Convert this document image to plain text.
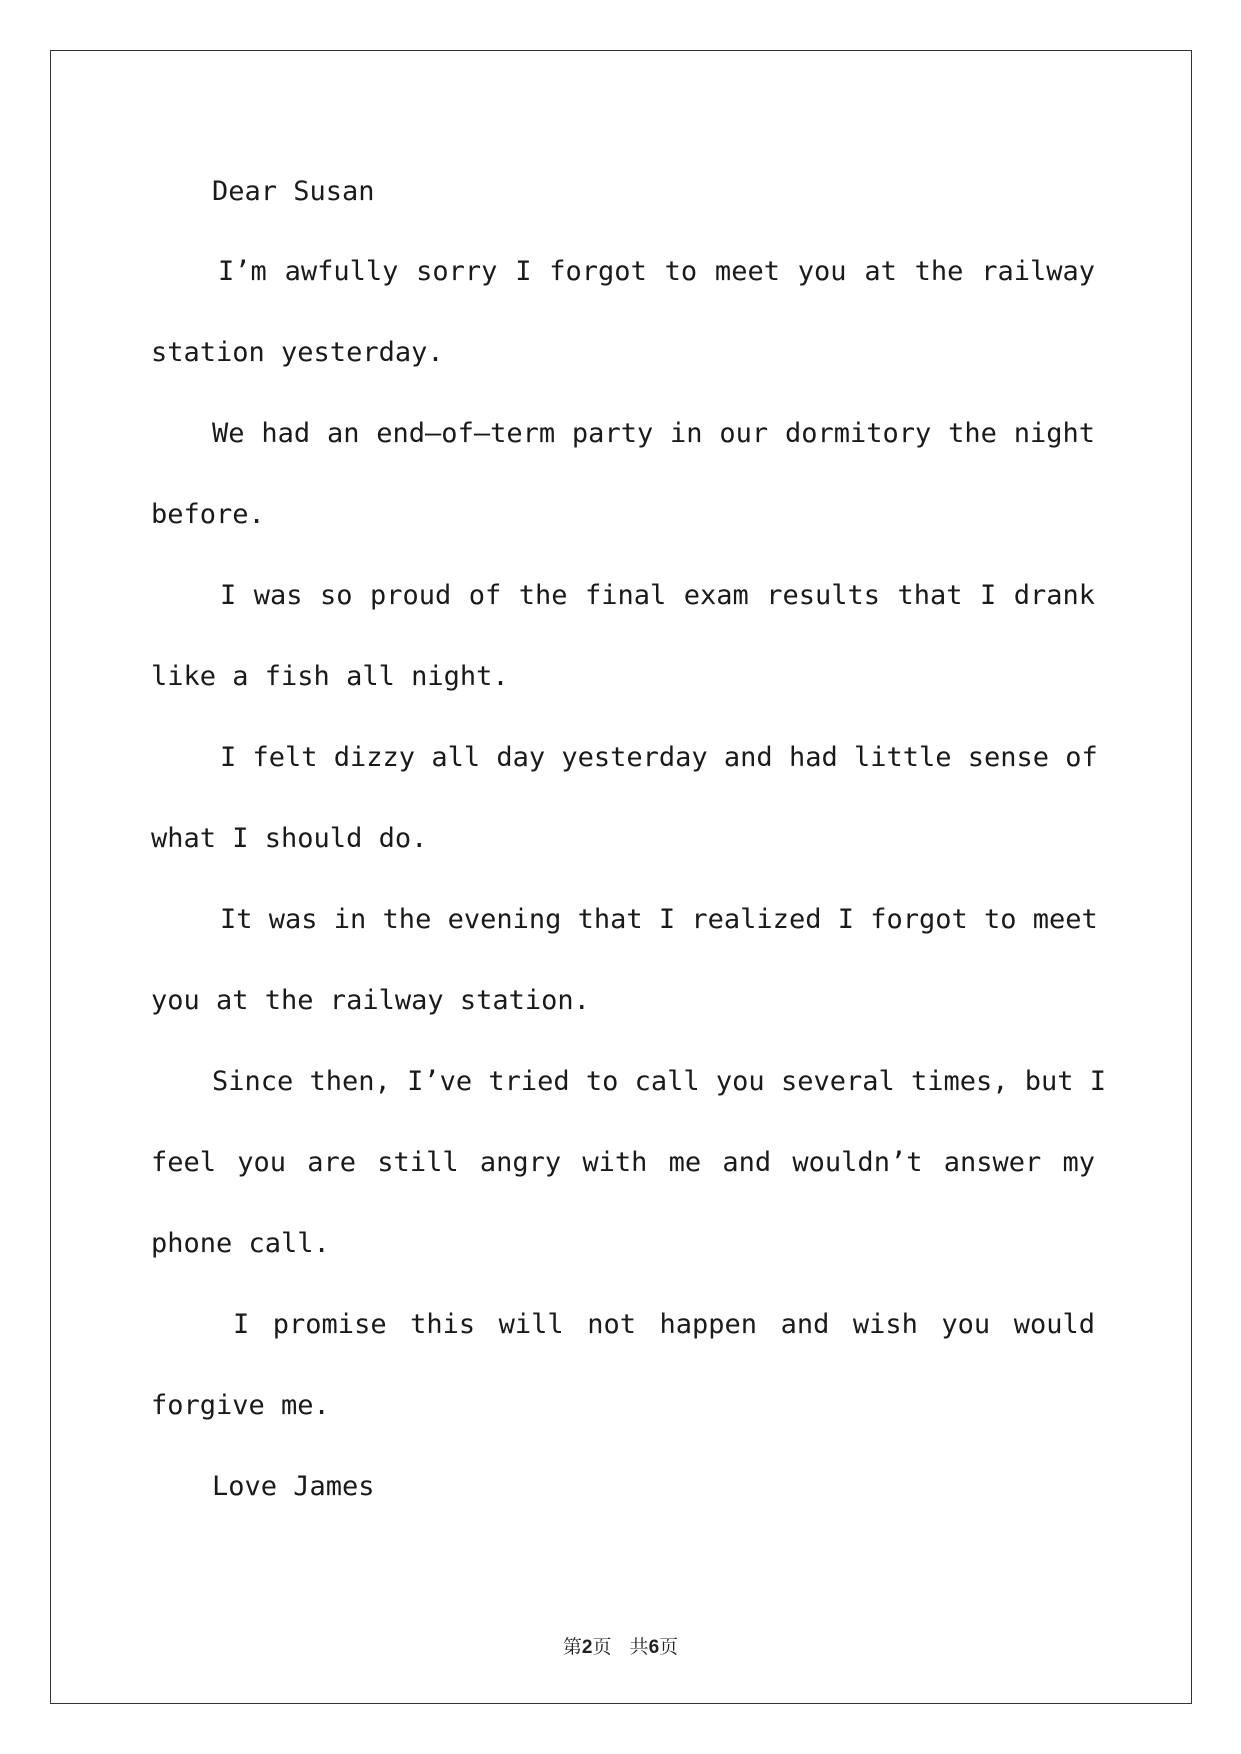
Dear Susan
I’m awfully sorry I forgot to meet you at the railway
station yesterday.
We had an end—of—term party in our dormitory the night
before.
I was so proud of the final exam results that I drank
like a fish all night.
I felt dizzy all day yesterday and had little sense of
what I should do.
It was in the evening that I realized I forgot to meet
you at the railway station.
Since then, I’ve tried to call you several times, but I
feel you are still angry with me and wouldn’t answer my
phone call.
I promise this will not happen and wish you would
forgive me.
Love James
第2页   共6页
